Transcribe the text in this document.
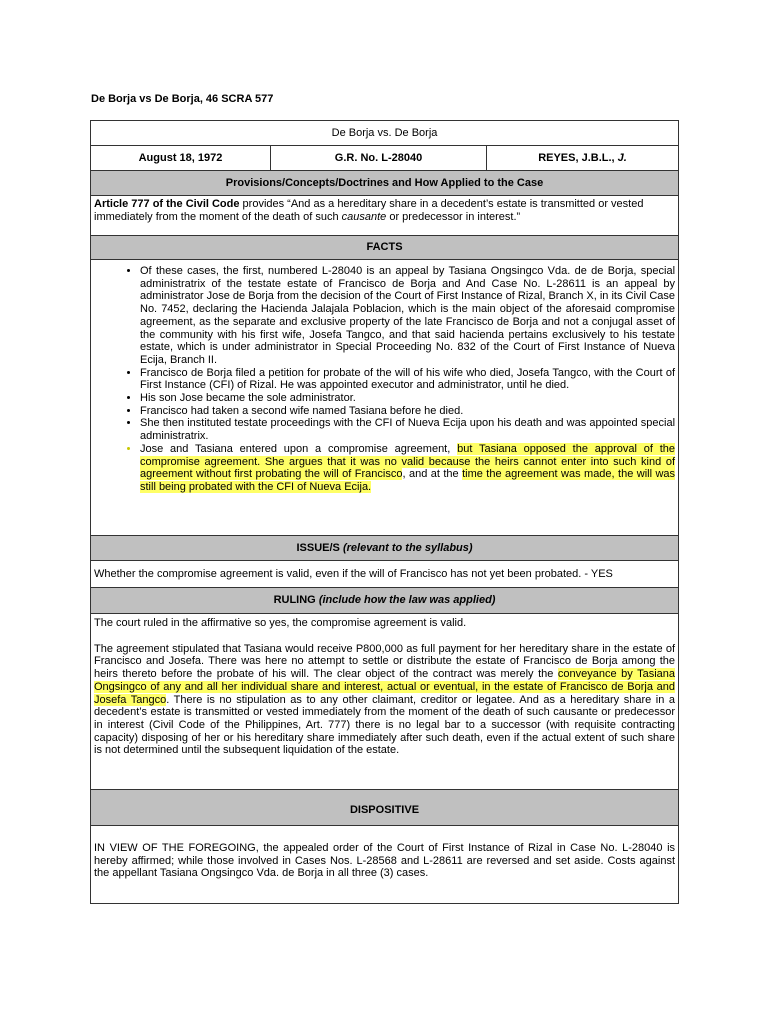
De Borja vs De Borja, 46 SCRA 577
De Borja vs. De Borja
August 18, 1972	G.R. No. L-28040	REYES, J.B.L., J.
Provisions/Concepts/Doctrines and How Applied to the Case
Article 777 of the Civil Code provides “And as a hereditary share in a decedent’s estate is transmitted or vested immediately from the moment of the death of such causante or predecessor in interest.”
FACTS

• Of these cases, the first, numbered L-28040 is an appeal by Tasiana Ongsingco Vda. de de Borja, special administratrix of the testate estate of Francisco de Borja and And Case No. L-28611 is an appeal by administrator Jose de Borja from the decision of the Court of First Instance of Rizal, Branch X, in its Civil Case No. 7452, declaring the Hacienda Jalajala Poblacion, which is the main object of the aforesaid compromise agreement, as the separate and exclusive property of the late Francisco de Borja and not a conjugal asset of the community with his first wife, Josefa Tangco, and that said hacienda pertains exclusively to his testate estate, which is under administrator in Special Proceeding No. 832 of the Court of First Instance of Nueva Ecija, Branch II.
• Francisco de Borja filed a petition for probate of the will of his wife who died, Josefa Tangco, with the Court of First Instance (CFI) of Rizal. He was appointed executor and administrator, until he died.
• His son Jose became the sole administrator.
• Francisco had taken a second wife named Tasiana before he died.
• She then instituted testate proceedings with the CFI of Nueva Ecija upon his death and was appointed special administratrix.
• Jose and Tasiana entered upon a compromise agreement, but Tasiana opposed the approval of the compromise agreement. She argues that it was no valid because the heirs cannot enter into such kind of agreement without first probating the will of Francisco, and at the time the agreement was made, the will was still being probated with the CFI of Nueva Ecija.

ISSUE/S (relevant to the syllabus)
Whether the compromise agreement is valid, even if the will of Francisco has not yet been probated. - YES
RULING (include how the law was applied)

The court ruled in the affirmative so yes, the compromise agreement is valid.

The agreement stipulated that Tasiana would receive P800,000 as full payment for her hereditary share in the estate of Francisco and Josefa. There was here no attempt to settle or distribute the estate of Francisco de Borja among the heirs thereto before the probate of his will. The clear object of the contract was merely the conveyance by Tasiana Ongsingco of any and all her individual share and interest, actual or eventual, in the estate of Francisco de Borja and Josefa Tangco. There is no stipulation as to any other claimant, creditor or legatee. And as a hereditary share in a decedent’s estate is transmitted or vested immediately from the moment of the death of such causante or predecessor in interest (Civil Code of the Philippines, Art. 777) there is no legal bar to a successor (with requisite contracting capacity) disposing of her or his hereditary share immediately after such death, even if the actual extent of such share is not determined until the subsequent liquidation of the estate.

DISPOSITIVE
IN VIEW OF THE FOREGOING, the appealed order of the Court of First Instance of Rizal in Case No. L-28040 is hereby affirmed; while those involved in Cases Nos. L-28568 and L-28611 are reversed and set aside. Costs against the appellant Tasiana Ongsingco Vda. de Borja in all three (3) cases.
